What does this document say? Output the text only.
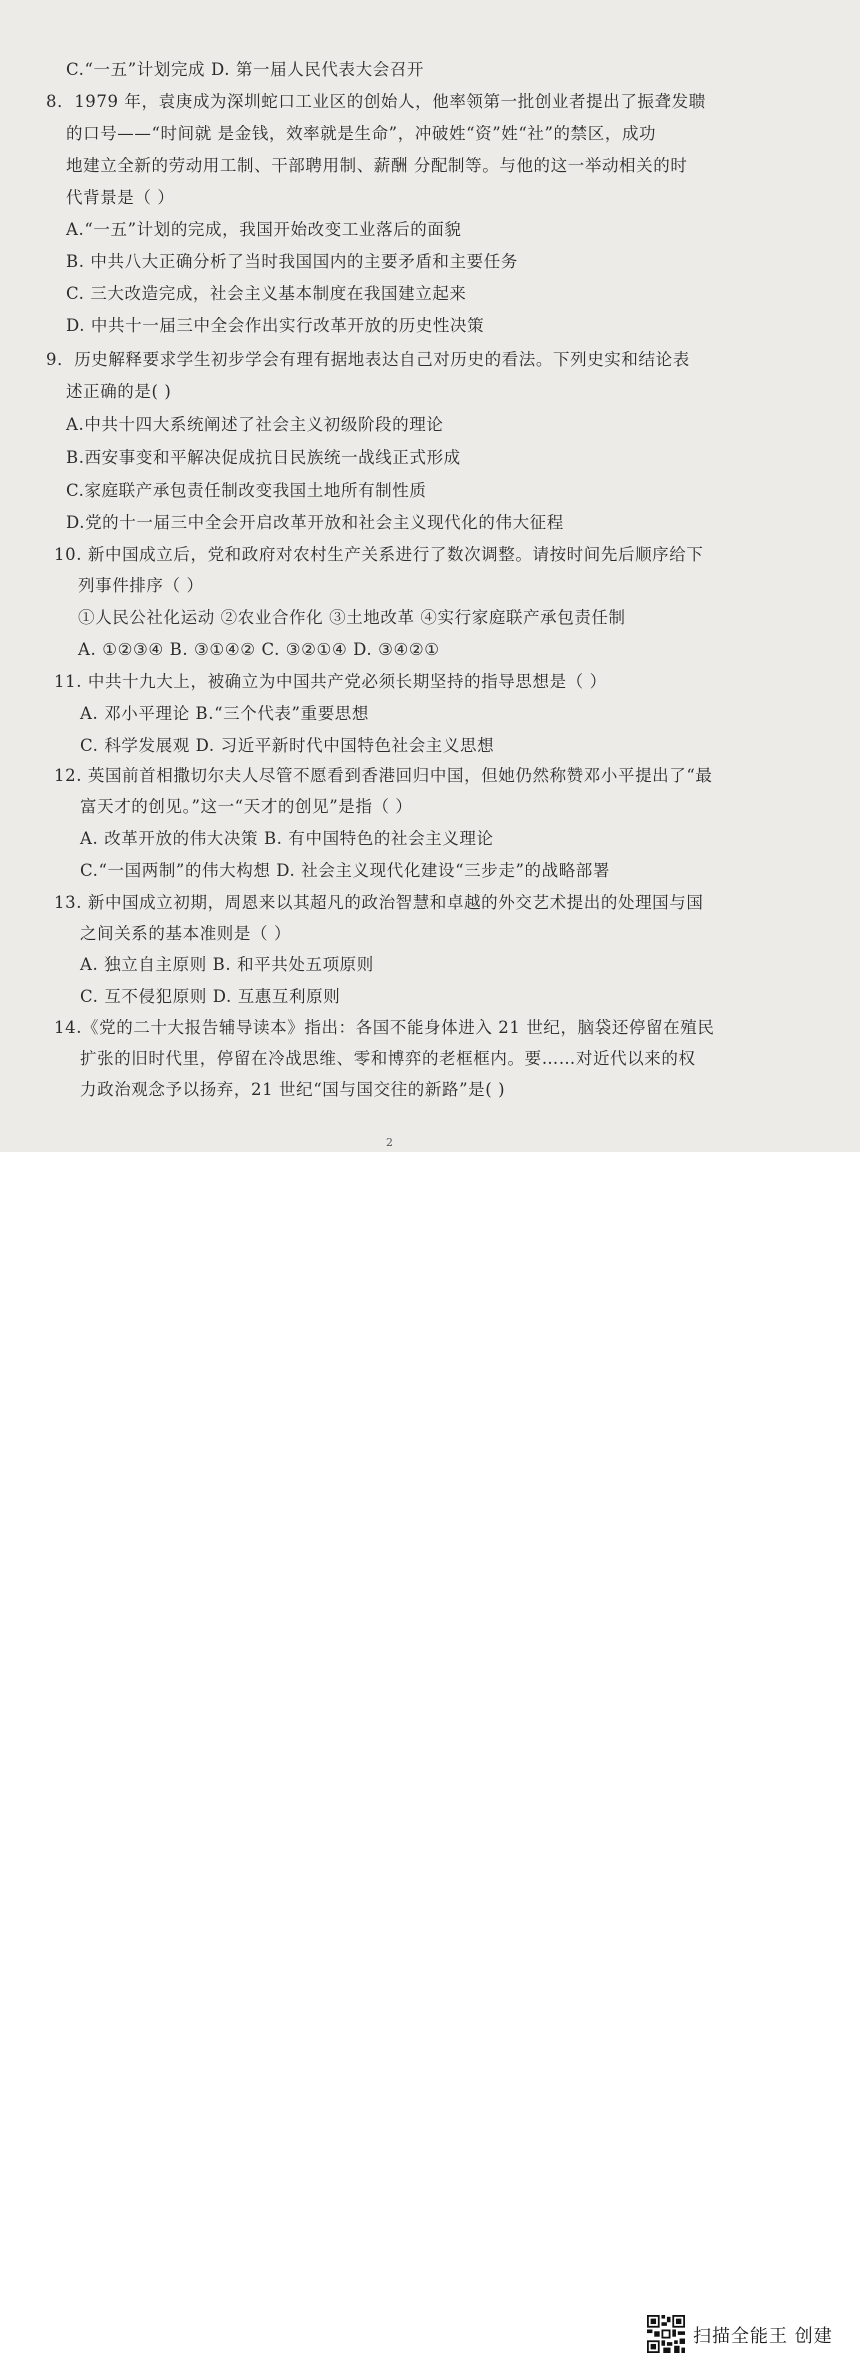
C.“一五”计划完成 D. 第一届人民代表大会召开
8．1979 年，袁庚成为深圳蛇口工业区的创始人，他率领第一批创业者提出了振聋发聩
的口号——“时间就 是金钱，效率就是生命”，冲破姓“资”姓“社”的禁区，成功
地建立全新的劳动用工制、干部聘用制、薪酬 分配制等。与他的这一举动相关的时
代背景是（ ）
A.“一五”计划的完成，我国开始改变工业落后的面貌
B. 中共八大正确分析了当时我国国内的主要矛盾和主要任务
C. 三大改造完成，社会主义基本制度在我国建立起来
D. 中共十一届三中全会作出实行改革开放的历史性决策
9．历史解释要求学生初步学会有理有据地表达自己对历史的看法。下列史实和结论表
述正确的是( )
A.中共十四大系统阐述了社会主义初级阶段的理论
B.西安事变和平解决促成抗日民族统一战线正式形成
C.家庭联产承包责任制改变我国土地所有制性质
D.党的十一届三中全会开启改革开放和社会主义现代化的伟大征程
10. 新中国成立后，党和政府对农村生产关系进行了数次调整。请按时间先后顺序给下
列事件排序（ ）
①人民公社化运动 ②农业合作化 ③土地改革 ④实行家庭联产承包责任制
A. ①②③④ B. ③①④② C. ③②①④ D. ③④②①
11. 中共十九大上，被确立为中国共产党必须长期坚持的指导思想是（ ）
A. 邓小平理论 B.“三个代表”重要思想
C. 科学发展观 D. 习近平新时代中国特色社会主义思想
12. 英国前首相撒切尔夫人尽管不愿看到香港回归中国，但她仍然称赞邓小平提出了“最
富天才的创见。”这一“天才的创见”是指（ ）
A. 改革开放的伟大决策 B. 有中国特色的社会主义理论
C.“一国两制”的伟大构想 D. 社会主义现代化建设“三步走”的战略部署
13. 新中国成立初期，周恩来以其超凡的政治智慧和卓越的外交艺术提出的处理国与国
之间关系的基本准则是（ ）
A. 独立自主原则 B. 和平共处五项原则
C. 互不侵犯原则 D. 互惠互利原则
14.《党的二十大报告辅导读本》指出：各国不能身体进入 21 世纪，脑袋还停留在殖民
扩张的旧时代里，停留在冷战思维、零和博弈的老框框内。要……对近代以来的权
力政治观念予以扬弃，21 世纪“国与国交往的新路”是( )
2
扫描全能王 创建
